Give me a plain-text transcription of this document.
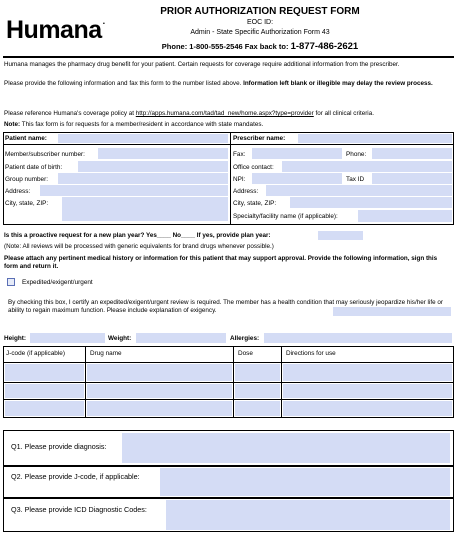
Humana.
PRIOR AUTHORIZATION REQUEST FORM
EOC ID:
Admin - State Specific Authorization Form 43
Phone: 1-800-555-2546 Fax back to: 1-877-486-2621
Humana manages the pharmacy drug benefit for your patient. Certain requests for coverage require additional information from the prescriber.
Please provide the following information and fax this form to the number listed above. Information left blank or illegible may delay the review process.
Please reference Humana's coverage policy at http://apps.humana.com/tad/tad_new/home.aspx?type=provider for all clinical criteria.
Note: This fax form is for requests for a member/resident in accordance with state mandates.
Patient name:	Prescriber name:
Member/subscriber number:
Patient date of birth:
Group number:
Address:
City, state, ZIP:
Fax:	Phone:
Office contact:
NPI:	Tax ID
Address:
City, state, ZIP:
Specialty/facility name (if applicable):
Is this a proactive request for a new plan year? Yes____ No____ If yes, provide plan year:
(Note: All reviews will be processed with generic equivalents for brand drugs whenever possible.)
Please attach any pertinent medical history or information for this patient that may support approval. Provide the following information, sign this form and return it.
Expedited/exigent/urgent
By checking this box, I certify an expedited/exigent/urgent review is required. The member has a health condition that may seriously jeopardize his/her life or ability to regain maximum function. Please include explanation of exigency.
Height:	Weight:	Allergies:
J-code (if applicable)	Drug name	Dose	Directions for use
Q1. Please provide diagnosis:
Q2. Please provide J-code, if applicable:
Q3. Please provide ICD Diagnostic Codes:
